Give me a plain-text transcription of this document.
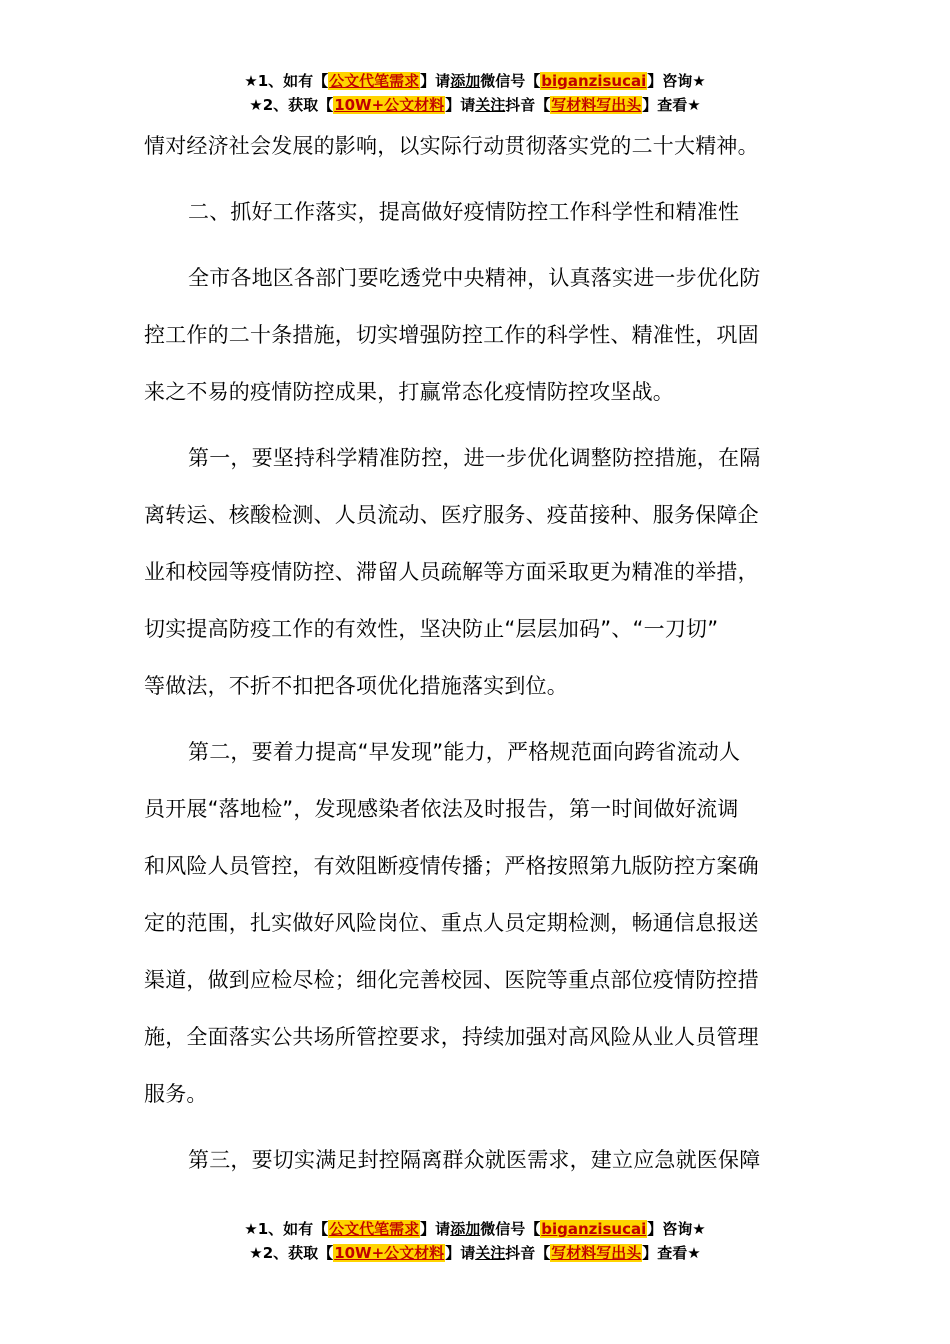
★1、如有【公文代笔需求】请添加微信号【biganzisucai】咨询★
★2、获取【10W+公文材料】请关注抖音【写材料写出头】查看★
情对经济社会发展的影响，以实际行动贯彻落实党的二十大精神。
二、抓好工作落实，提高做好疫情防控工作科学性和精准性
全市各地区各部门要吃透党中央精神，认真落实进一步优化防
控工作的二十条措施，切实增强防控工作的科学性、精准性，巩固
来之不易的疫情防控成果，打赢常态化疫情防控攻坚战。
第一，要坚持科学精准防控，进一步优化调整防控措施，在隔
离转运、核酸检测、人员流动、医疗服务、疫苗接种、服务保障企
业和校园等疫情防控、滞留人员疏解等方面采取更为精准的举措，
切实提高防疫工作的有效性，坚决防止“层层加码”、“一刀切”
等做法，不折不扣把各项优化措施落实到位。
第二，要着力提高“早发现”能力，严格规范面向跨省流动人
员开展“落地检”，发现感染者依法及时报告，第一时间做好流调
和风险人员管控，有效阻断疫情传播；严格按照第九版防控方案确
定的范围，扎实做好风险岗位、重点人员定期检测，畅通信息报送
渠道，做到应检尽检；细化完善校园、医院等重点部位疫情防控措
施，全面落实公共场所管控要求，持续加强对高风险从业人员管理
服务。
第三，要切实满足封控隔离群众就医需求，建立应急就医保障
★1、如有【公文代笔需求】请添加微信号【biganzisucai】咨询★
★2、获取【10W+公文材料】请关注抖音【写材料写出头】查看★
